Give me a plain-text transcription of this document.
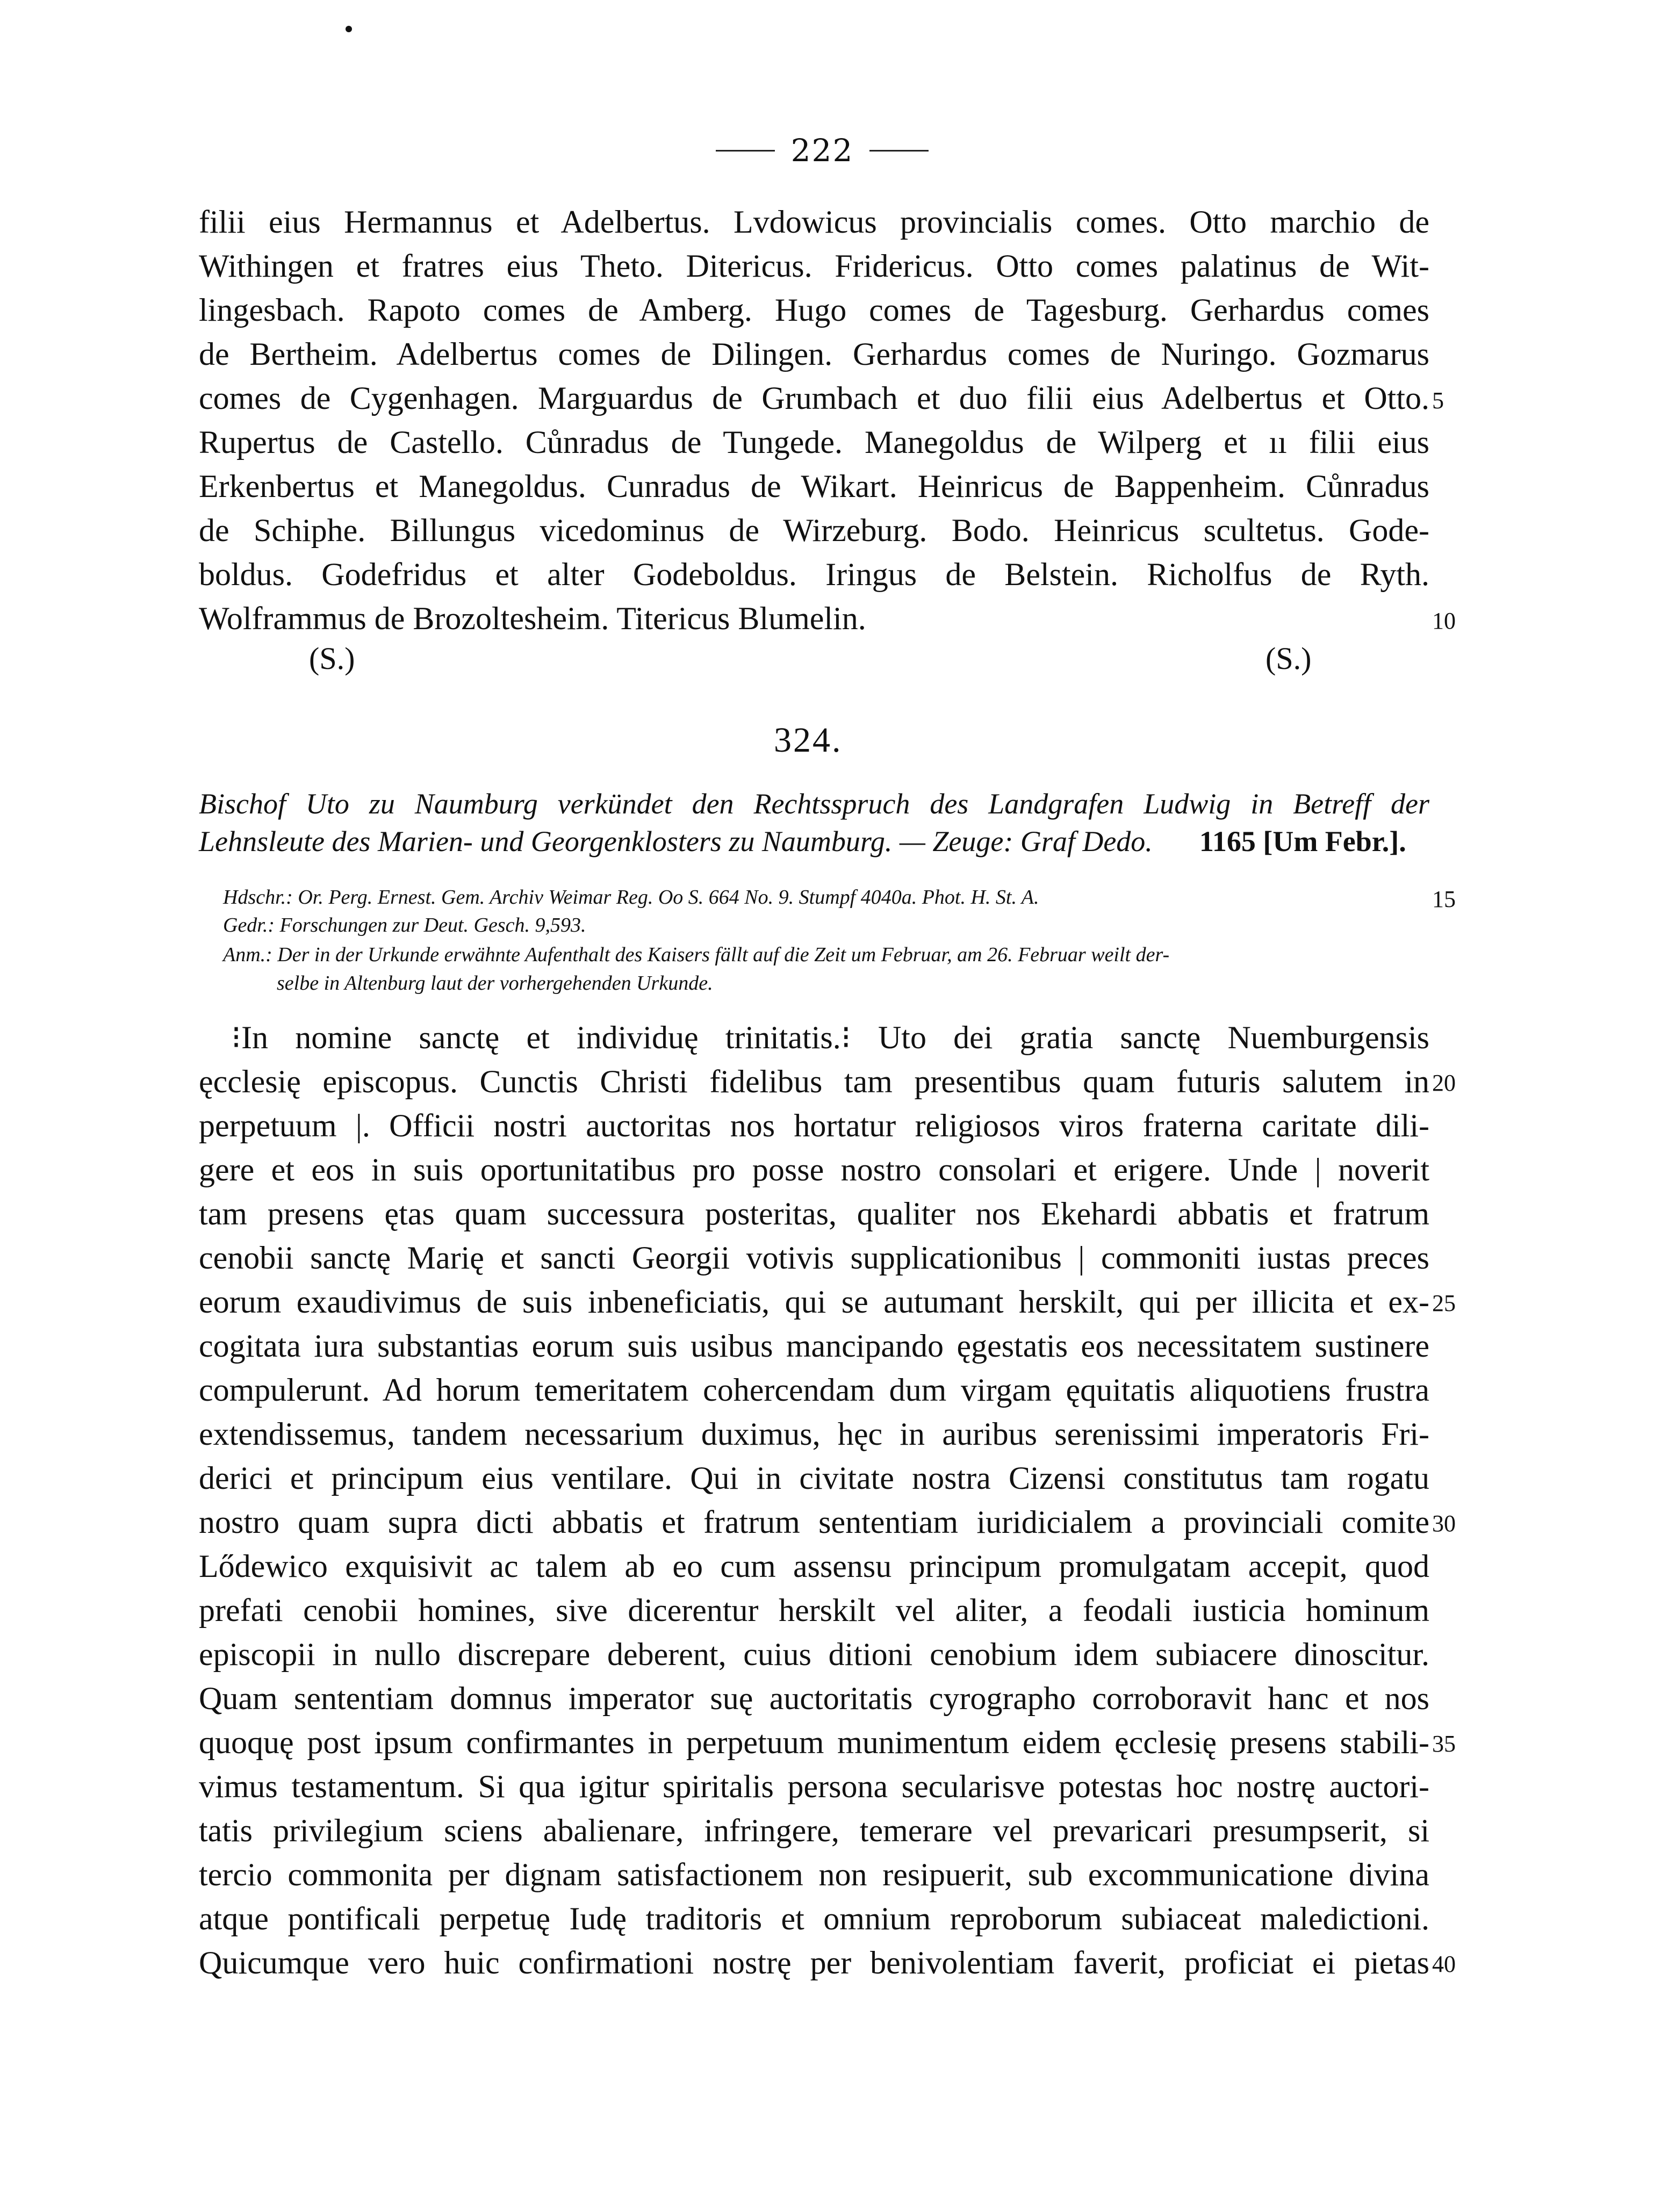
222
filii eius Hermannus et Adelbertus. Lvdowicus provincialis comes. Otto marchio de
Withingen et fratres eius Theto. Ditericus. Fridericus. Otto comes palatinus de Wit-
lingesbach. Rapoto comes de Amberg. Hugo comes de Tagesburg. Gerhardus comes
de Bertheim. Adelbertus comes de Dilingen. Gerhardus comes de Nuringo. Gozmarus
comes de Cygenhagen. Marguardus de Grumbach et duo filii eius Adelbertus et Otto.
Rupertus de Castello. Cůnradus de Tungede. Manegoldus de Wilperg et ıı filii eius
Erkenbertus et Manegoldus. Cunradus de Wikart. Heinricus de Bappenheim. Cůnradus
de Schiphe. Billungus vicedominus de Wirzeburg. Bodo. Heinricus scultetus. Gode-
boldus. Godefridus et alter Godeboldus. Iringus de Belstein. Richolfus de Ryth.
Wolframmus de Brozoltesheim. Titericus Blumelin.
5
10
(S.)	(S.)
324.
Bischof Uto zu Naumburg verkündet den Rechtsspruch des Landgrafen Ludwig in Betreff der
Lehnsleute des Marien- und Georgenklosters zu Naumburg. — Zeuge: Graf Dedo. 1165 [Um Febr.].
Hdschr.: Or. Perg. Ernest. Gem. Archiv Weimar Reg. Oo S. 664 No. 9. Stumpf 4040a. Phot. H. St. A.
Gedr.: Forschungen zur Deut. Gesch. 9,593.
Anm.: Der in der Urkunde erwähnte Aufenthalt des Kaisers fällt auf die Zeit um Februar, am 26. Februar weilt der-
selbe in Altenburg laut der vorhergehenden Urkunde.
15
⁝In nomine sanctę et individuę trinitatis.⁝ Uto dei gratia sanctę Nuemburgensis
ęcclesię episcopus. Cunctis Christi fidelibus tam presentibus quam futuris salutem in
perpetuum |. Officii nostri auctoritas nos hortatur religiosos viros fraterna caritate dili-
gere et eos in suis oportunitatibus pro posse nostro consolari et erigere. Unde | noverit
tam presens ętas quam successura posteritas, qualiter nos Ekehardi abbatis et fratrum
cenobii sanctę Marię et sancti Georgii votivis supplicationibus | commoniti iustas preces
eorum exaudivimus de suis inbeneficiatis, qui se autumant herskilt, qui per illicita et ex-
cogitata iura substantias eorum suis usibus mancipando ęgestatis eos necessitatem sustinere
compulerunt. Ad horum temeritatem cohercendam dum virgam ęquitatis aliquotiens frustra
extendissemus, tandem necessarium duximus, hęc in auribus serenissimi imperatoris Fri-
derici et principum eius ventilare. Qui in civitate nostra Cizensi constitutus tam rogatu
nostro quam supra dicti abbatis et fratrum sententiam iuridicialem a provinciali comite
Lődewico exquisivit ac talem ab eo cum assensu principum promulgatam accepit, quod
prefati cenobii homines, sive dicerentur herskilt vel aliter, a feodali iusticia hominum
episcopii in nullo discrepare deberent, cuius ditioni cenobium idem subiacere dinoscitur.
Quam sententiam domnus imperator suę auctoritatis cyrographo corroboravit hanc et nos
quoquę post ipsum confirmantes in perpetuum munimentum eidem ęcclesię presens stabili-
vimus testamentum. Si qua igitur spiritalis persona secularisve potestas hoc nostrę auctori-
tatis privilegium sciens abalienare, infringere, temerare vel prevaricari presumpserit, si
tercio commonita per dignam satisfactionem non resipuerit, sub excommunicatione divina
atque pontificali perpetuę Iudę traditoris et omnium reproborum subiaceat maledictioni.
Quicumque vero huic confirmationi nostrę per benivolentiam faverit, proficiat ei pietas
20
25
30
35
40
